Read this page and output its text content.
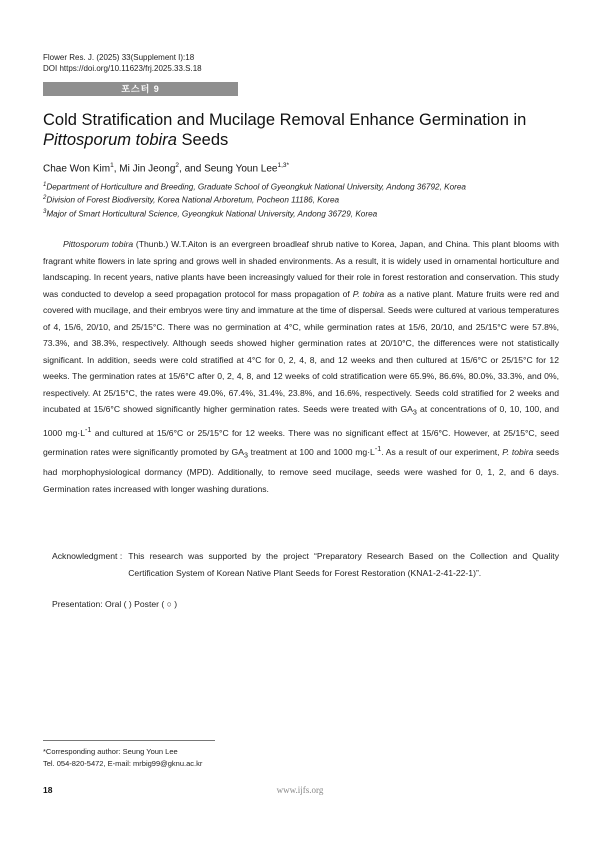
Flower Res. J. (2025) 33(Supplement I):18
DOI https://doi.org/10.11623/frj.2025.33.S.18
포스터 9
Cold Stratification and Mucilage Removal Enhance Germination in Pittosporum tobira Seeds
Chae Won Kim$^1$, Mi Jin Jeong$^2$, and Seung Youn Lee$^{1,3*}$
$^1$Department of Horticulture and Breeding, Graduate School of Gyeongkuk National University, Andong 36792, Korea
$^2$Division of Forest Biodiversity, Korea National Arboretum, Pocheon 11186, Korea
$^3$Major of Smart Horticultural Science, Gyeongkuk National University, Andong 36729, Korea

Pittosporum tobira (Thunb.) W.T.Aiton is an evergreen broadleaf shrub native to Korea, Japan, and China. This plant blooms with fragrant white flowers in late spring and grows well in shaded environments. As a result, it is widely used in ornamental horticulture and landscaping. In recent years, native plants have been increasingly valued for their role in forest restoration and conservation. This study was conducted to develop a seed propagation protocol for mass propagation of P. tobira as a native plant. Mature fruits were red and covered with mucilage, and their embryos were tiny and immature at the time of dispersal. Seeds were cultured at various temperatures of 4, 15/6, 20/10, and 25/15°C. There was no germination at 4°C, while germination rates at 15/6, 20/10, and 25/15°C were 57.8%, 73.3%, and 38.3%, respectively. Although seeds showed higher germination rates at 20/10°C, the differences were not statistically significant. In addition, seeds were cold stratified at 4°C for 0, 2, 4, 8, and 12 weeks and then cultured at 15/6°C or 25/15°C for 12 weeks. The germination rates at 15/6°C after 0, 2, 4, 8, and 12 weeks of cold stratification were 65.9%, 86.6%, 80.0%, 33.3%, and 0%, respectively. At 25/15°C, the rates were 49.0%, 67.4%, 31.4%, 23.8%, and 16.6%, respectively. Seeds cold stratified for 2 weeks and incubated at 15/6°C showed significantly higher germination rates. Seeds were treated with $GA_3$ at concentrations of 0, 10, 100, and 1000 $mg\cdot L^{-1}$ and cultured at 15/6°C or 25/15°C for 12 weeks. There was no significant effect at 15/6°C. However, at 25/15°C, seed germination rates were significantly promoted by $GA_3$ treatment at 100 and 1000 $mg\cdot L^{-1}$. As a result of our experiment, P. tobira seeds had morphophysiological dormancy (MPD). Additionally, to remove seed mucilage, seeds were washed for 0, 1, 2, and 6 days. Germination rates increased with longer washing durations.

Acknowledgment : This research was supported by the project “Preparatory Research Based on the Collection and Quality Certification System of Korean Native Plant Seeds for Forest Restoration (KNA1-2-41-22-1)”.
Presentation: Oral ( ) Poster ( ○ )
*Corresponding author: Seung Youn Lee
Tel. 054-820-5472, E-mail: mrbig99@gknu.ac.kr
18	www.ijfs.org
